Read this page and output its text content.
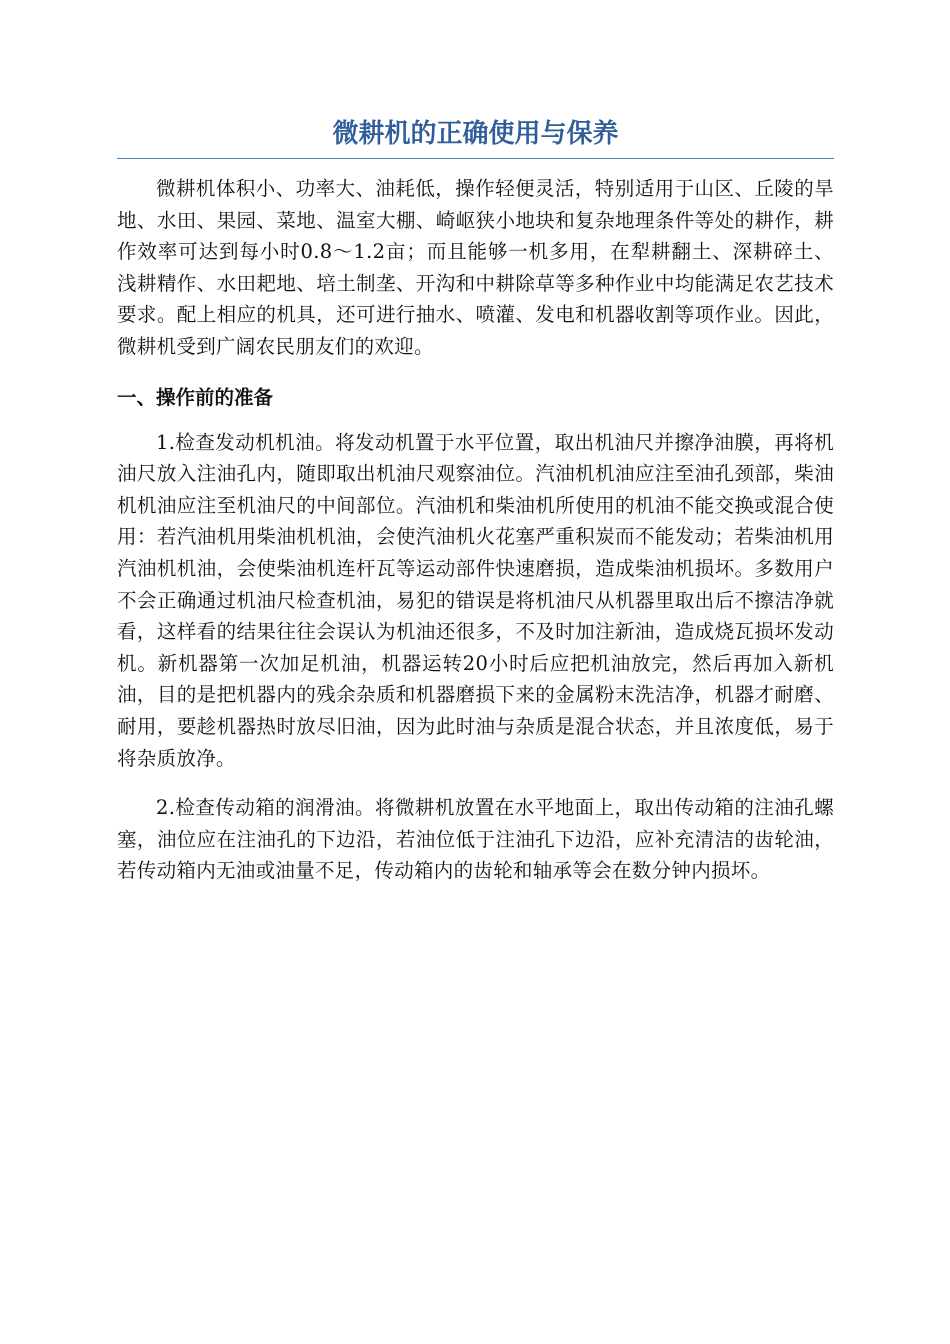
微耕机的正确使用与保养

微耕机体积小、功率大、油耗低，操作轻便灵活，特别适用于山区、丘陵的旱地、水田、果园、菜地、温室大棚、崎岖狭小地块和复杂地理条件等处的耕作，耕作效率可达到每小时0.8～1.2亩；而且能够一机多用，在犁耕翻土、深耕碎土、浅耕精作、水田耙地、培土制垄、开沟和中耕除草等多种作业中均能满足农艺技术要求。配上相应的机具，还可进行抽水、喷灌、发电和机器收割等项作业。因此，微耕机受到广阔农民朋友们的欢迎。

一、操作前的准备

1.检查发动机机油。将发动机置于水平位置，取出机油尺并擦净油膜，再将机油尺放入注油孔内，随即取出机油尺观察油位。汽油机机油应注至油孔颈部，柴油机机油应注至机油尺的中间部位。汽油机和柴油机所使用的机油不能交换或混合使用：若汽油机用柴油机机油，会使汽油机火花塞严重积炭而不能发动；若柴油机用汽油机机油，会使柴油机连杆瓦等运动部件快速磨损，造成柴油机损坏。多数用户不会正确通过机油尺检查机油，易犯的错误是将机油尺从机器里取出后不擦洁净就看，这样看的结果往往会误认为机油还很多，不及时加注新油，造成烧瓦损坏发动机。新机器第一次加足机油，机器运转20小时后应把机油放完，然后再加入新机油，目的是把机器内的残余杂质和机器磨损下来的金属粉末洗洁净，机器才耐磨、耐用，要趁机器热时放尽旧油，因为此时油与杂质是混合状态，并且浓度低，易于将杂质放净。

2.检查传动箱的润滑油。将微耕机放置在水平地面上，取出传动箱的注油孔螺塞，油位应在注油孔的下边沿，若油位低于注油孔下边沿，应补充清洁的齿轮油，若传动箱内无油或油量不足，传动箱内的齿轮和轴承等会在数分钟内损坏。
